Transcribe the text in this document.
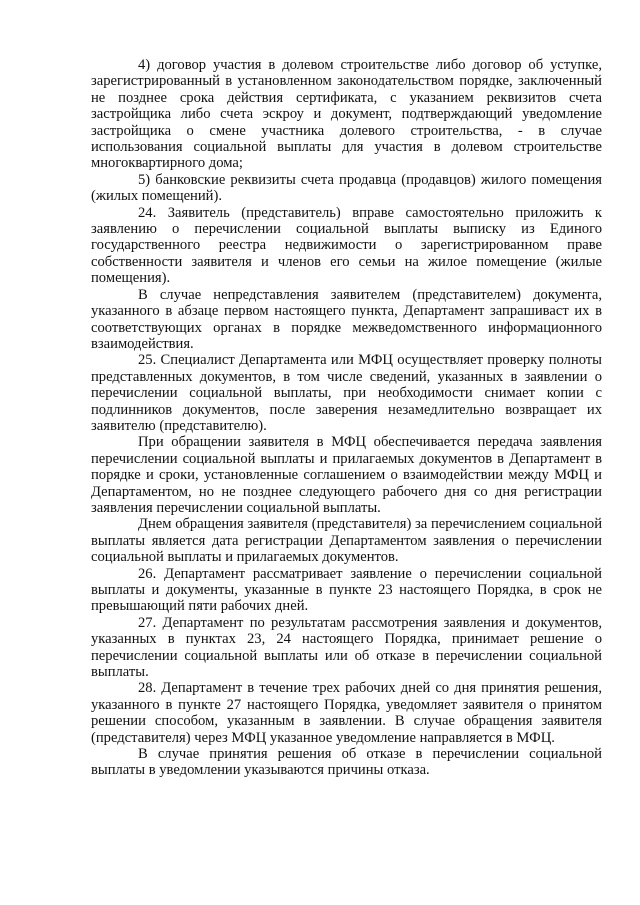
4) договор участия в долевом строительстве либо договор об уступке, зарегистрированный в установленном законодательством порядке, заключенный не позднее срока действия сертификата, с указанием реквизитов счета застройщика либо счета эскроу и документ, подтверждающий уведомление застройщика о смене участника долевого строительства, - в случае использования социальной выплаты для участия в долевом строительстве многоквартирного дома;

5) банковские реквизиты счета продавца (продавцов) жилого помещения (жилых помещений).

24. Заявитель (представитель) вправе самостоятельно приложить к заявлению о перечислении социальной выплаты выписку из Единого государственного реестра недвижимости о зарегистрированном праве собственности заявителя и членов его семьи на жилое помещение (жилые помещения).

В случае непредставления заявителем (представителем) документа, указанного в абзаце первом настоящего пункта, Департамент запрашиваст их в соответствующих органах в порядке межведомственного информационного взаимодействия.

25. Специалист Департамента или МФЦ осуществляет проверку полноты представленных документов, в том числе сведений, указанных в заявлении о перечислении социальной выплаты, при необходимости снимает копии с подлинников документов, после заверения незамедлительно возвращает их заявителю (представителю).

При обращении заявителя в МФЦ обеспечивается передача заявления перечислении социальной выплаты и прилагаемых документов в Департамент в порядке и сроки, установленные соглашением о взаимодействии между МФЦ и Департаментом, но не позднее следующего рабочего дня со дня регистрации заявления перечислении социальной выплаты.

Днем обращения заявителя (представителя) за перечислением социальной выплаты является дата регистрации Департаментом заявления о перечислении социальной выплаты и прилагаемых документов.

26. Департамент рассматривает заявление о перечислении социальной выплаты и документы, указанные в пункте 23 настоящего Порядка, в срок не превышающий пяти рабочих дней.

27. Департамент по результатам рассмотрения заявления и документов, указанных в пунктах 23, 24 настоящего Порядка, принимает решение о перечислении социальной выплаты или об отказе в перечислении социальной выплаты.

28. Департамент в течение трех рабочих дней со дня принятия решения, указанного в пункте 27 настоящего Порядка, уведомляет заявителя о принятом решении способом, указанным в заявлении. В случае обращения заявителя (представителя) через МФЦ указанное уведомление направляется в МФЦ.

В случае принятия решения об отказе в перечислении социальной выплаты в уведомлении указываются причины отказа.
